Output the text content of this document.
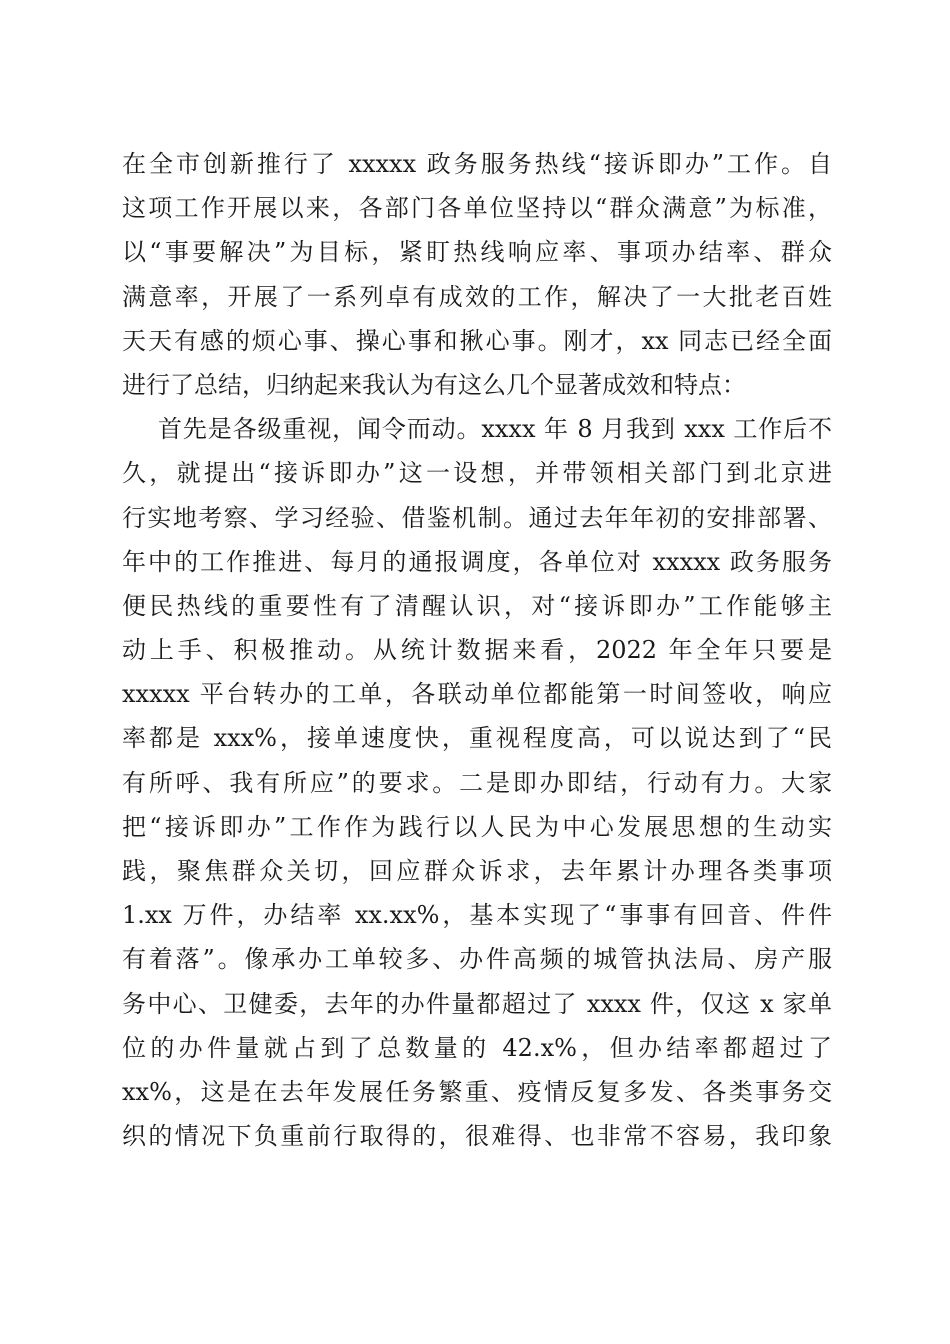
在全市创新推行了 xxxxx 政务服务热线“接诉即办”工作。自
这项工作开展以来，各部门各单位坚持以“群众满意”为标准，
以“事要解决”为目标，紧盯热线响应率、事项办结率、群众
满意率，开展了一系列卓有成效的工作，解决了一大批老百姓
天天有感的烦心事、操心事和揪心事。刚才，xx 同志已经全面
进行了总结，归纳起来我认为有这么几个显著成效和特点：
首先是各级重视，闻令而动。xxxx 年 8 月我到 xxx 工作后不
久，就提出“接诉即办”这一设想，并带领相关部门到北京进
行实地考察、学习经验、借鉴机制。通过去年年初的安排部署、
年中的工作推进、每月的通报调度，各单位对 xxxxx 政务服务
便民热线的重要性有了清醒认识，对“接诉即办”工作能够主
动上手、积极推动。从统计数据来看，2022 年全年只要是
xxxxx 平台转办的工单，各联动单位都能第一时间签收，响应
率都是 xxx%，接单速度快，重视程度高，可以说达到了“民
有所呼、我有所应”的要求。二是即办即结，行动有力。大家
把“接诉即办”工作作为践行以人民为中心发展思想的生动实
践，聚焦群众关切，回应群众诉求，去年累计办理各类事项
1.xx 万件，办结率 xx.xx%，基本实现了“事事有回音、件件
有着落”。像承办工单较多、办件高频的城管执法局、房产服
务中心、卫健委，去年的办件量都超过了 xxxx 件，仅这 x 家单
位的办件量就占到了总数量的 42.x%，但办结率都超过了
xx%，这是在去年发展任务繁重、疫情反复多发、各类事务交
织的情况下负重前行取得的，很难得、也非常不容易，我印象
